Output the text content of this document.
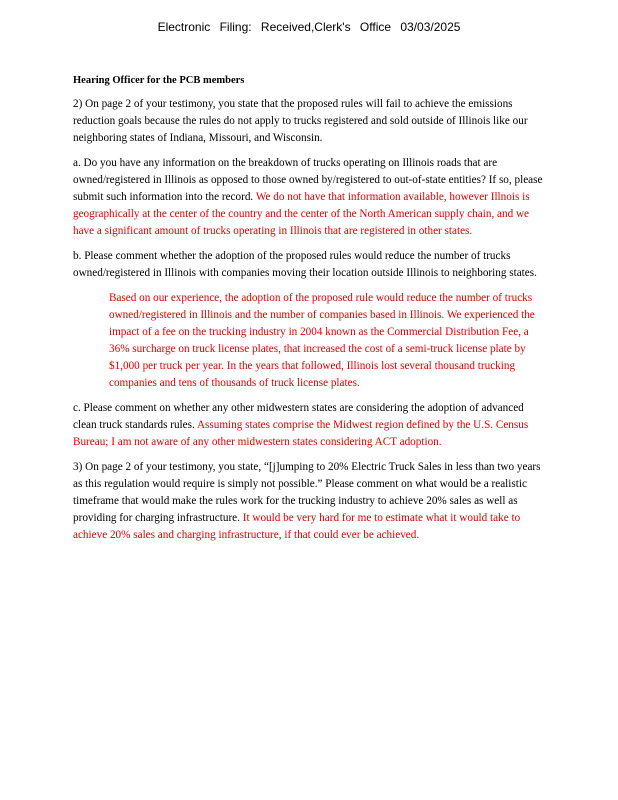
Electronic Filing: Received,Clerk's Office 03/03/2025
Hearing Officer for the PCB members

2) On page 2 of your testimony, you state that the proposed rules will fail to achieve the emissions reduction goals because the rules do not apply to trucks registered and sold outside of Illinois like our neighboring states of Indiana, Missouri, and Wisconsin.

a. Do you have any information on the breakdown of trucks operating on Illinois roads that are owned/registered in Illinois as opposed to those owned by/registered to out-of-state entities? If so, please submit such information into the record. We do not have that information available, however Illnois is geographically at the center of the country and the center of the North American supply chain, and we have a significant amount of trucks operating in Illinois that are registered in other states.

b. Please comment whether the adoption of the proposed rules would reduce the number of trucks owned/registered in Illinois with companies moving their location outside Illinois to neighboring states.

Based on our experience, the adoption of the proposed rule would reduce the number of trucks owned/registered in Illinois and the number of companies based in Illinois. We experienced the impact of a fee on the trucking industry in 2004 known as the Commercial Distribution Fee, a 36% surcharge on truck license plates, that increased the cost of a semi-truck license plate by $1,000 per truck per year. In the years that followed, Illinois lost several thousand trucking companies and tens of thousands of truck license plates.

c. Please comment on whether any other midwestern states are considering the adoption of advanced clean truck standards rules. Assuming states comprise the Midwest region defined by the U.S. Census Bureau; I am not aware of any other midwestern states considering ACT adoption.

3) On page 2 of your testimony, you state, “[j]umping to 20% Electric Truck Sales in less than two years as this regulation would require is simply not possible.” Please comment on what would be a realistic timeframe that would make the rules work for the trucking industry to achieve 20% sales as well as providing for charging infrastructure. It would be very hard for me to estimate what it would take to achieve 20% sales and charging infrastructure, if that could ever be achieved.
